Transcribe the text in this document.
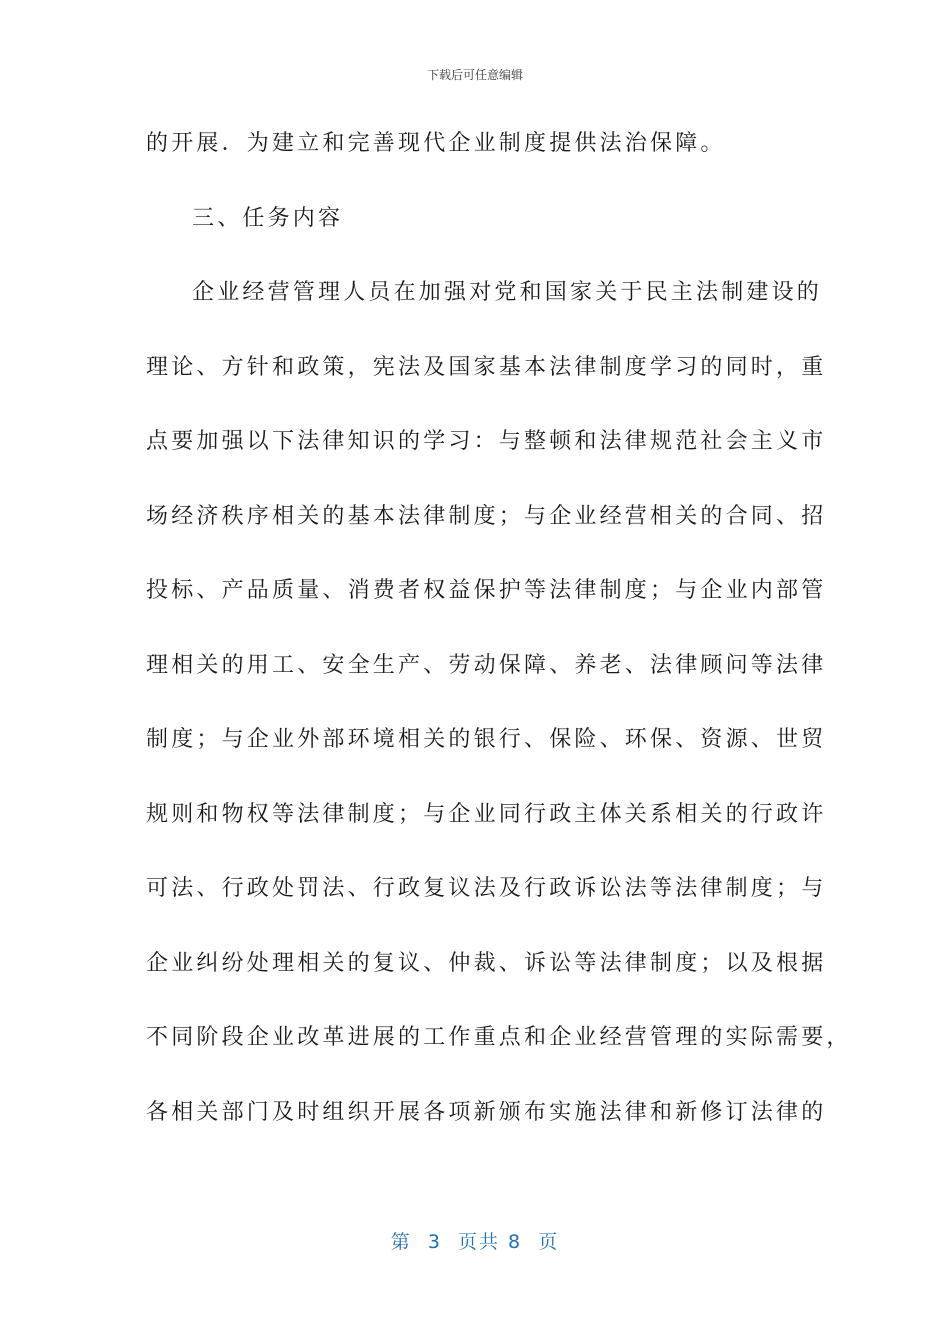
下载后可任意编辑
的开展．为建立和完善现代企业制度提供法治保障。
三、任务内容
企业经营管理人员在加强对党和国家关于民主法制建设的
理论、方针和政策，宪法及国家基本法律制度学习的同时，重
点要加强以下法律知识的学习：与整顿和法律规范社会主义市
场经济秩序相关的基本法律制度；与企业经营相关的合同、招
投标、产品质量、消费者权益保护等法律制度；与企业内部管
理相关的用工、安全生产、劳动保障、养老、法律顾问等法律
制度；与企业外部环境相关的银行、保险、环保、资源、世贸
规则和物权等法律制度；与企业同行政主体关系相关的行政许
可法、行政处罚法、行政复议法及行政诉讼法等法律制度；与
企业纠纷处理相关的复议、仲裁、诉讼等法律制度；以及根据
不同阶段企业改革进展的工作重点和企业经营管理的实际需要，
各相关部门及时组织开展各项新颁布实施法律和新修订法律的
第  3  页共 8  页
